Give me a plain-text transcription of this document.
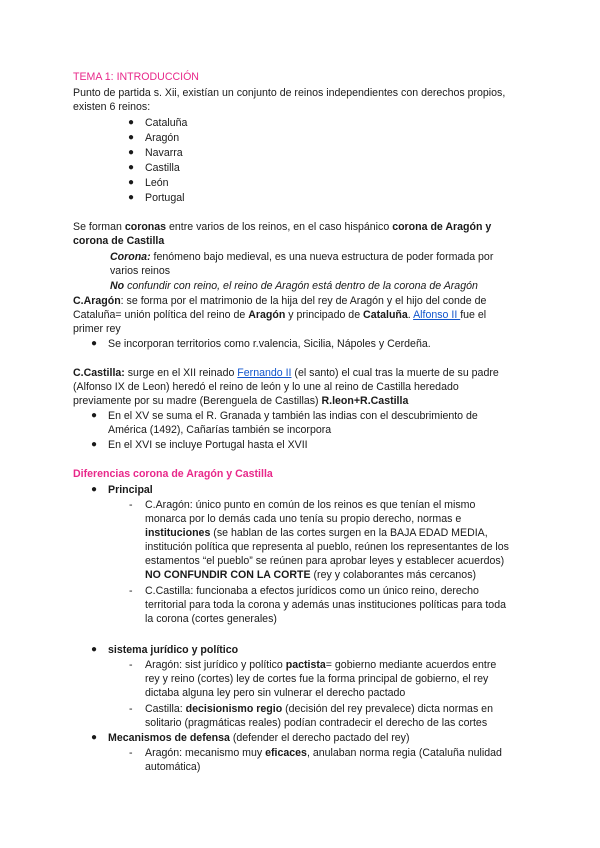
TEMA 1: INTRODUCCIÓN
Punto de partida s. Xii, existían un conjunto de reinos independientes con derechos propios,
existen 6 reinos:
● Cataluña
● Aragón
● Navarra
● Castilla
● León
● Portugal
Se forman coronas entre varios de los reinos, en el caso hispánico corona de Aragón y
corona de Castilla
Corona: fenómeno bajo medieval, es una nueva estructura de poder formada por
varios reinos
No confundir con reino, el reino de Aragón está dentro de la corona de Aragón
C.Aragón: se forma por el matrimonio de la hija del rey de Aragón y el hijo del conde de
Cataluña= unión política del reino de Aragón y principado de Cataluña. Alfonso II fue el
primer rey
● Se incorporan territorios como r.valencia, Sicilia, Nápoles y Cerdeña.
C.Castilla: surge en el XII reinado Fernando II (el santo) el cual tras la muerte de su padre
(Alfonso IX de Leon) heredó el reino de león y lo une al reino de Castilla heredado
previamente por su madre (Berenguela de Castillas) R.leon+R.Castilla
● En el XV se suma el R. Granada y también las indias con el descubrimiento de
América (1492), Cañarías también se incorpora
● En el XVI se incluye Portugal hasta el XVII
Diferencias corona de Aragón y Castilla
● Principal
- C.Aragón: único punto en común de los reinos es que tenían el mismo
monarca por lo demás cada uno tenía su propio derecho, normas e
instituciones (se hablan de las cortes surgen en la BAJA EDAD MEDIA,
institución política que representa al pueblo, reúnen los representantes de los
estamentos “el pueblo” se reúnen para aprobar leyes y establecer acuerdos)
NO CONFUNDIR CON LA CORTE (rey y colaborantes más cercanos)
- C.Castilla: funcionaba a efectos jurídicos como un único reino, derecho
territorial para toda la corona y además unas instituciones políticas para toda
la corona (cortes generales)
● sistema jurídico y político
- Aragón: sist jurídico y político pactista= gobierno mediante acuerdos entre
rey y reino (cortes) ley de cortes fue la forma principal de gobierno, el rey
dictaba alguna ley pero sin vulnerar el derecho pactado
- Castilla: decisionismo regio (decisión del rey prevalece) dicta normas en
solitario (pragmáticas reales) podían contradecir el derecho de las cortes
● Mecanismos de defensa (defender el derecho pactado del rey)
- Aragón: mecanismo muy eficaces, anulaban norma regia (Cataluña nulidad
automática)
